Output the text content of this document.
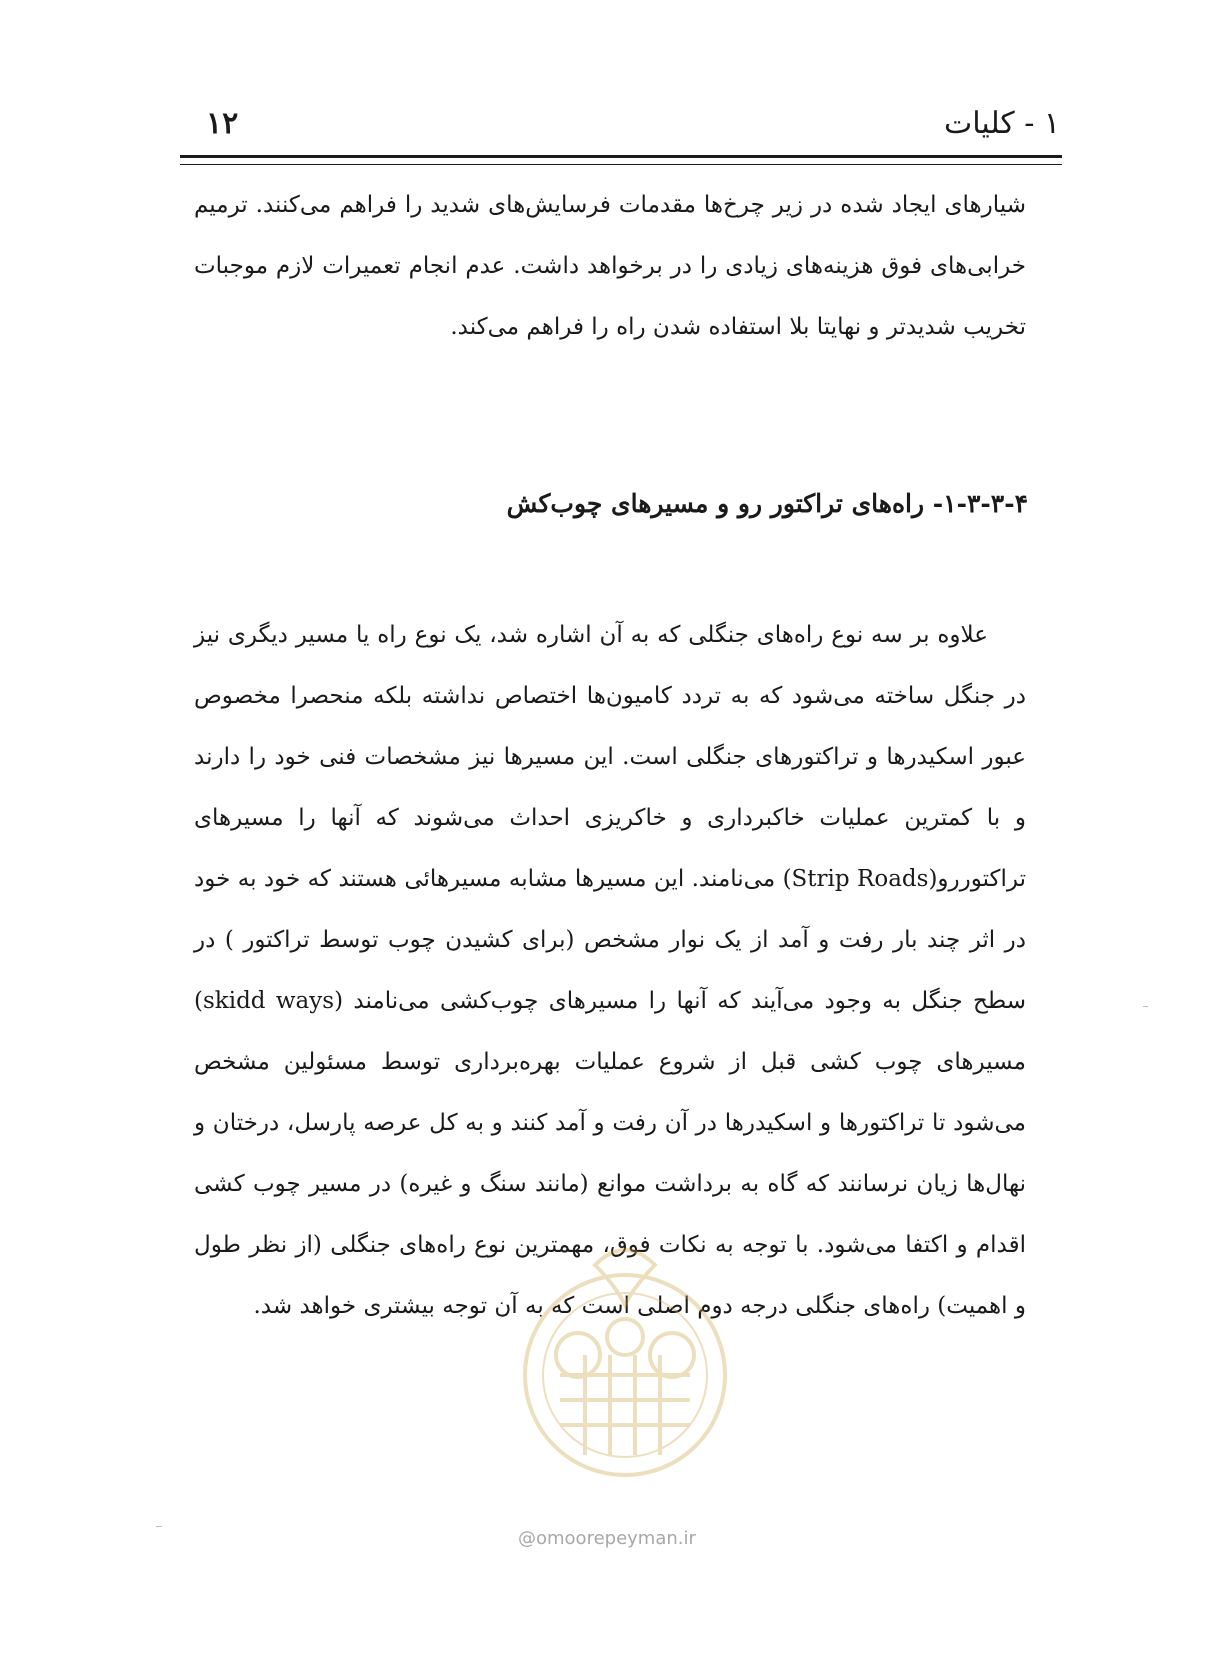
۱ - کلیات
۱۲
شیارهای ایجاد شده در زیر چرخ‌ها مقدمات فرسایش‌های شدید را فراهم می‌کنند. ترمیم خرابی‌های فوق هزینه‌های زیادی را در برخواهد داشت. عدم انجام تعمیرات لازم موجبات تخریب شدیدتر و نهایتا بلا استفاده شدن راه را فراهم می‌کند.
۱-۳-۳-۴- راه‌های تراکتور رو و مسیرهای چوب‌کش
علاوه بر سه نوع راه‌های جنگلی که به آن اشاره شد، یک نوع راه یا مسیر دیگری نیز در جنگل ساخته می‌شود که به تردد کامیون‌ها اختصاص نداشته بلکه منحصرا مخصوص عبور اسکیدرها و تراکتورهای جنگلی است. این مسیرها نیز مشخصات فنی خود را دارند و با کمترین عملیات خاکبرداری و خاکریزی احداث می‌شوند که آنها را مسیرهای تراکتوررو(Strip Roads) می‌نامند. این مسیرها مشابه مسیرهائی هستند که خود به خود در اثر چند بار رفت و آمد از یک نوار مشخص (برای کشیدن چوب توسط تراکتور ) در سطح جنگل به وجود می‌آیند که آنها را مسیرهای چوب‌کشی می‌نامند (skidd ways) مسیرهای چوب کشی قبل از شروع عملیات بهره‌برداری توسط مسئولین مشخص می‌شود تا تراکتورها و اسکیدرها در آن رفت و آمد کنند و به کل عرصه پارسل، درختان و نهال‌ها زیان نرسانند که گاه به برداشت موانع (مانند سنگ و غیره) در مسیر چوب کشی اقدام و اکتفا می‌شود. با توجه به نکات فوق، مهمترین نوع راه‌های جنگلی (از نظر طول و اهمیت) راه‌های جنگلی درجه دوم اصلی است که به آن توجه بیشتری خواهد شد.
@omoorepeyman.ir
